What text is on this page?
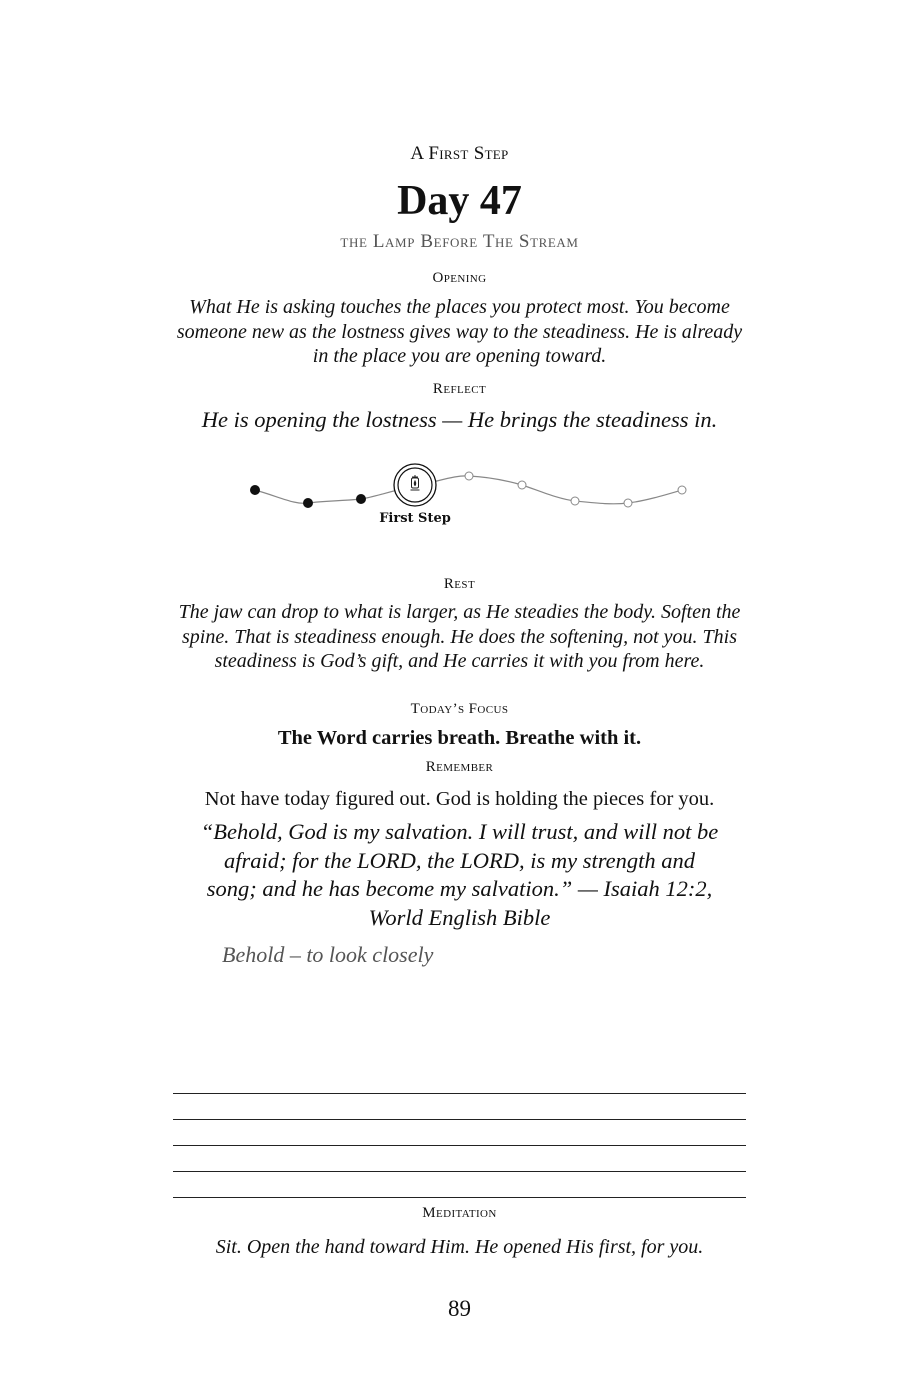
A First Step
Day 47
the Lamp Before The Stream
Opening
What He is asking touches the places you protect most. You become someone new as the lostness gives way to the steadiness. He is already in the place you are opening toward.
Reflect
He is opening the lostness — He brings the steadiness in.
First Step
Rest
The jaw can drop to what is larger, as He steadies the body. Soften the spine. That is steadiness enough. He does the softening, not you. This steadiness is God’s gift, and He carries it with you from here.
Today’s Focus
The Word carries breath. Breathe with it.
Remember
Not have today figured out. God is holding the pieces for you.
“Behold, God is my salvation. I will trust, and will not be afraid; for the LORD, the LORD, is my strength and song; and he has become my salvation.” — Isaiah 12:2, World English Bible
Behold – to look closely
Meditation
Sit. Open the hand toward Him. He opened His first, for you.
89
